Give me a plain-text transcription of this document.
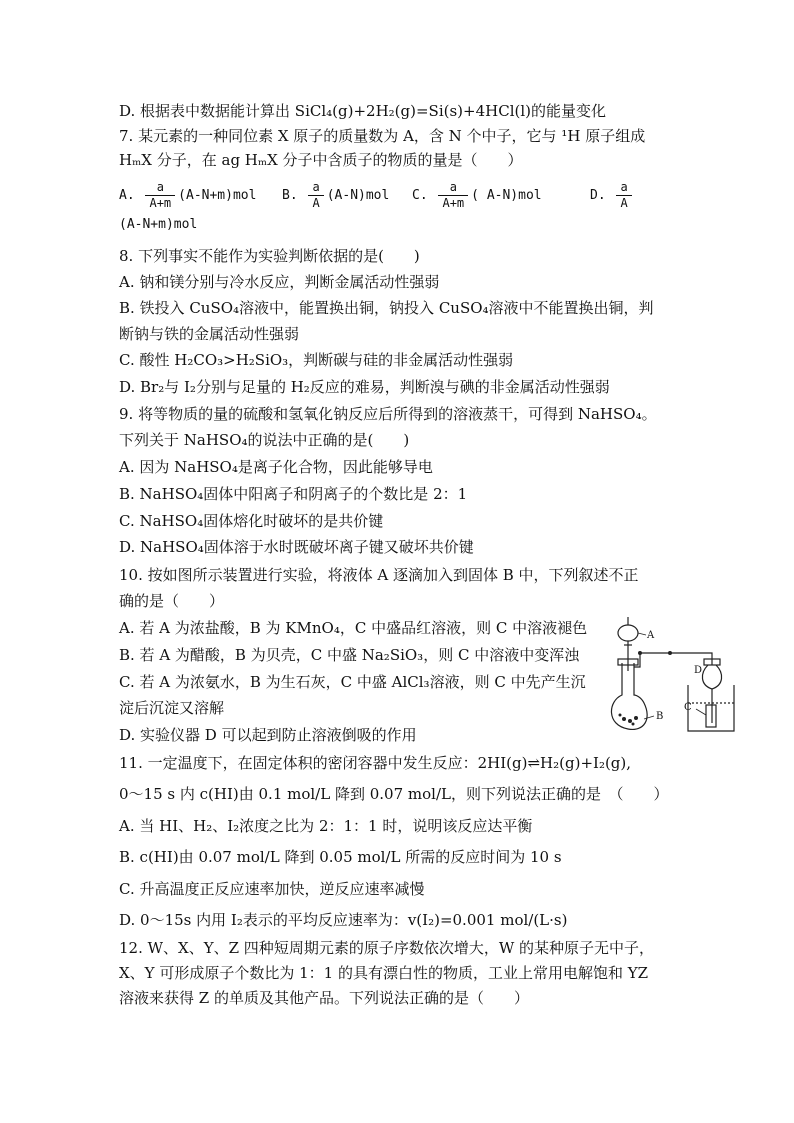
D. 根据表中数据能计算出 SiCl₄(g)+2H₂(g)=Si(s)+4HCl(l)的能量变化
7. 某元素的一种同位素 X 原子的质量数为 A，含 N 个中子，它与 ¹H 原子组成
HₘX 分子，在 ag HₘX 分子中含质子的物质的量是（　　）
A. $\frac{a}{A+m} (A-N+m)mol$ B. $\frac{a}{A} (A-N)mol$ C. $\frac{a}{A+m}$ ( A-N)mol	D. $\frac{a}{A}$
(A-N+m)mol
8. 下列事实不能作为实验判断依据的是(　　)
A. 钠和镁分别与冷水反应，判断金属活动性强弱
B. 铁投入 CuSO₄溶液中，能置换出铜，钠投入 CuSO₄溶液中不能置换出铜，判
断钠与铁的金属活动性强弱
C. 酸性 H₂CO₃>H₂SiO₃，判断碳与硅的非金属活动性强弱
D. Br₂与 I₂分别与足量的 H₂反应的难易，判断溴与碘的非金属活动性强弱
9. 将等物质的量的硫酸和氢氧化钠反应后所得到的溶液蒸干，可得到 NaHSO₄。
下列关于 NaHSO₄的说法中正确的是(　　)
A. 因为 NaHSO₄是离子化合物，因此能够导电
B. NaHSO₄固体中阳离子和阴离子的个数比是 2：1
C. NaHSO₄固体熔化时破坏的是共价键
D. NaHSO₄固体溶于水时既破坏离子键又破坏共价键
10. 按如图所示装置进行实验，将液体 A 逐滴加入到固体 B 中，下列叙述不正
确的是（　　）
A. 若 A 为浓盐酸，B 为 KMnO₄，C 中盛品红溶液，则 C 中溶液褪色
B. 若 A 为醋酸，B 为贝壳，C 中盛 Na₂SiO₃，则 C 中溶液中变浑浊
C. 若 A 为浓氨水，B 为生石灰，C 中盛 AlCl₃溶液，则 C 中先产生沉
淀后沉淀又溶解
D. 实验仪器 D 可以起到防止溶液倒吸的作用
A
B
C
D
11. 一定温度下，在固定体积的密闭容器中发生反应：2HI(g)⇌H₂(g)+I₂(g),
0～15 s 内 c(HI)由 0.1 mol/L 降到 0.07 mol/L，则下列说法正确的是　（　　）
A. 当 HI、H₂、I₂浓度之比为 2：1：1 时，说明该反应达平衡
B. c(HI)由 0.07 mol/L 降到 0.05 mol/L 所需的反应时间为 10 s
C. 升高温度正反应速率加快，逆反应速率减慢
D. 0～15s 内用 I₂表示的平均反应速率为：v(I₂)=0.001 mol/(L·s)
12. W、X、Y、Z 四种短周期元素的原子序数依次增大，W 的某种原子无中子，
X、Y 可形成原子个数比为 1：1 的具有漂白性的物质，工业上常用电解饱和 YZ
溶液来获得 Z 的单质及其他产品。下列说法正确的是（　　）
